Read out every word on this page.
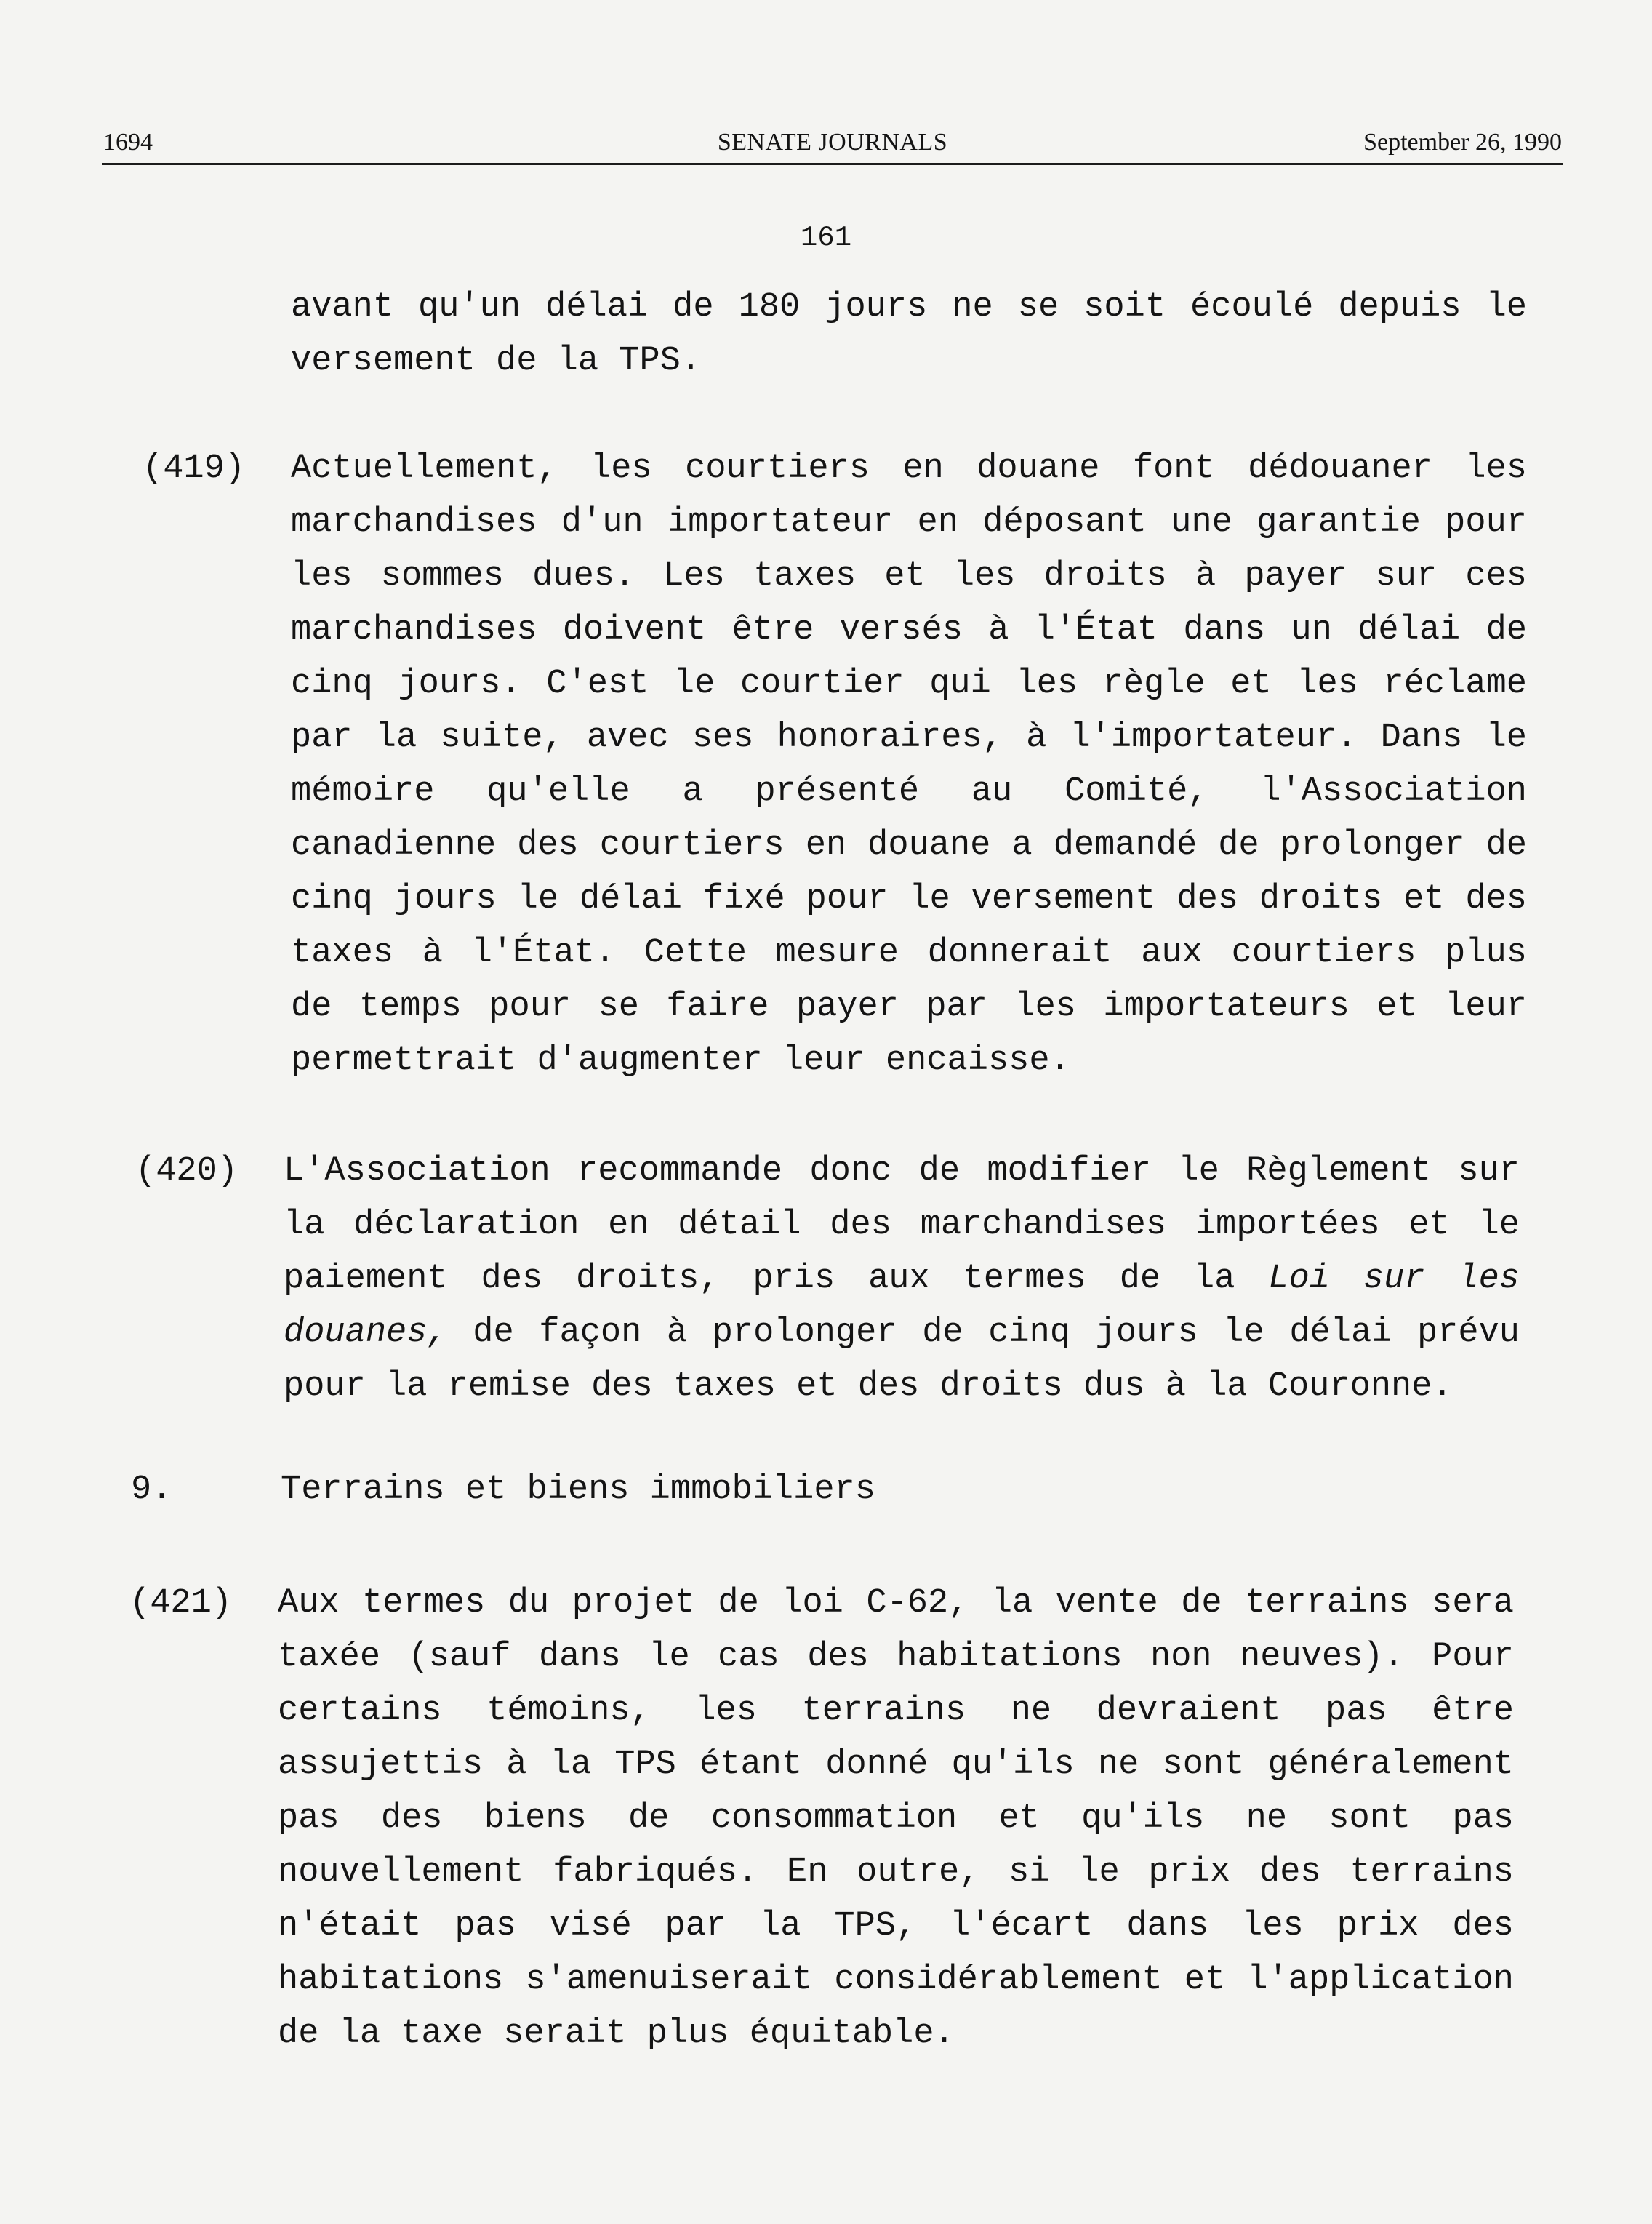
1694	SENATE JOURNALS	September 26, 1990
161
avant qu'un délai de 180 jours ne se soit écoulé depuis le
versement de la TPS.
(419) Actuellement, les courtiers en douane font dédouaner les
marchandises d'un importateur en déposant une garantie pour
les sommes dues. Les taxes et les droits à payer sur ces
marchandises doivent être versés à l'État dans un délai de
cinq jours. C'est le courtier qui les règle et les réclame
par la suite, avec ses honoraires, à l'importateur. Dans le
mémoire qu'elle a présenté au Comité, l'Association
canadienne des courtiers en douane a demandé de prolonger de
cinq jours le délai fixé pour le versement des droits et des
taxes à l'État. Cette mesure donnerait aux courtiers plus
de temps pour se faire payer par les importateurs et leur
permettrait d'augmenter leur encaisse.
(420) L'Association recommande donc de modifier le Règlement sur
la déclaration en détail des marchandises importées et le
paiement des droits, pris aux termes de la Loi sur les
douanes, de façon à prolonger de cinq jours le délai prévu
pour la remise des taxes et des droits dus à la Couronne.
9.	Terrains et biens immobiliers
(421) Aux termes du projet de loi C-62, la vente de terrains sera
taxée (sauf dans le cas des habitations non neuves). Pour
certains témoins, les terrains ne devraient pas être
assujettis à la TPS étant donné qu'ils ne sont généralement
pas des biens de consommation et qu'ils ne sont pas
nouvellement fabriqués. En outre, si le prix des terrains
n'était pas visé par la TPS, l'écart dans les prix des
habitations s'amenuiserait considérablement et l'application
de la taxe serait plus équitable.
